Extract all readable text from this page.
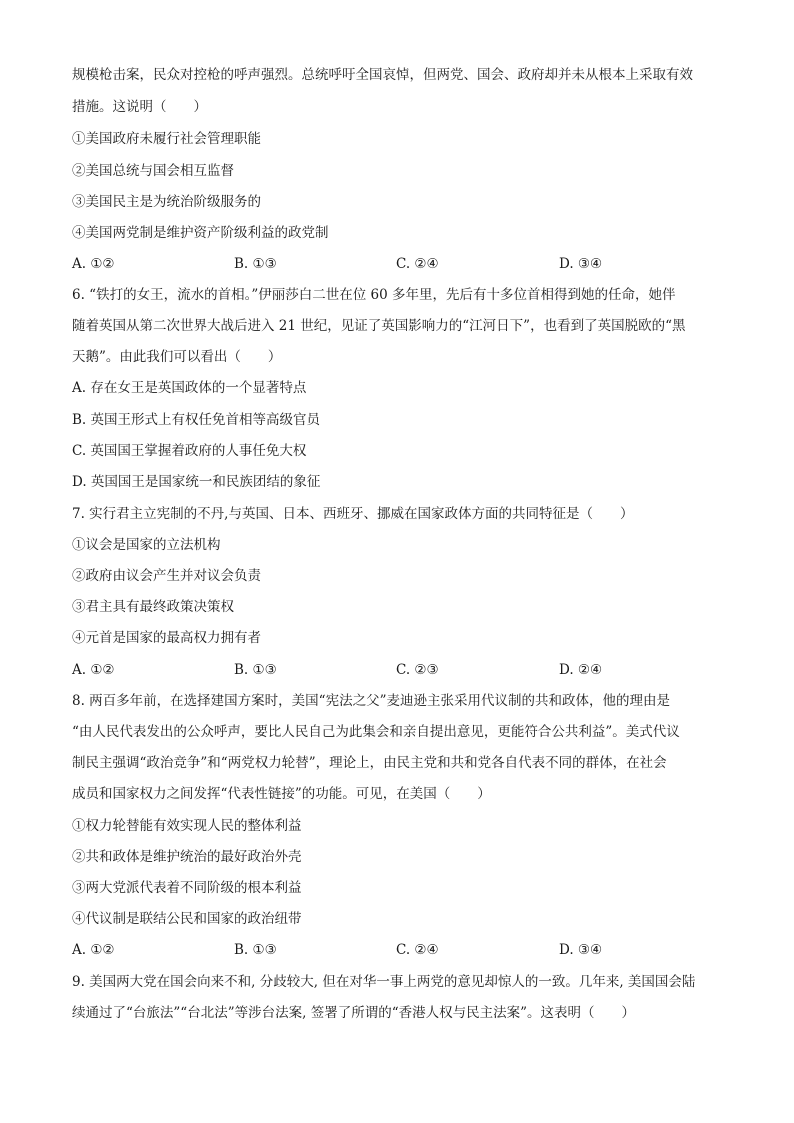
规模枪击案，民众对控枪的呼声强烈。总统呼吁全国哀悼，但两党、国会、政府却并未从根本上采取有效
措施。这说明（　　）
①美国政府未履行社会管理职能
②美国总统与国会相互监督
③美国民主是为统治阶级服务的
④美国两党制是维护资产阶级利益的政党制
A. ①②	B. ①③	C. ②④	D. ③④
6. “铁打的女王，流水的首相。”伊丽莎白二世在位 60 多年里，先后有十多位首相得到她的任命，她伴
随着英国从第二次世界大战后进入 21 世纪，见证了英国影响力的“江河日下”，也看到了英国脱欧的“黑
天鹅”。由此我们可以看出（　　）
A. 存在女王是英国政体的一个显著特点
B. 英国王形式上有权任免首相等高级官员
C. 英国国王掌握着政府的人事任免大权
D. 英国国王是国家统一和民族团结的象征
7. 实行君主立宪制的不丹,与英国、日本、西班牙、挪威在国家政体方面的共同特征是（　　）
①议会是国家的立法机构
②政府由议会产生并对议会负责
③君主具有最终政策决策权
④元首是国家的最高权力拥有者
A. ①②	B. ①③	C. ②③	D. ②④
8. 两百多年前，在选择建国方案时，美国“宪法之父”麦迪逊主张采用代议制的共和政体，他的理由是
“由人民代表发出的公众呼声，要比人民自己为此集会和亲自提出意见，更能符合公共利益”。美式代议
制民主强调“政治竞争”和“两党权力轮替”，理论上，由民主党和共和党各自代表不同的群体，在社会
成员和国家权力之间发挥“代表性链接”的功能。可见，在美国（　　）
①权力轮替能有效实现人民的整体利益
②共和政体是维护统治的最好政治外壳
③两大党派代表着不同阶级的根本利益
④代议制是联结公民和国家的政治纽带
A. ①②	B. ①③	C. ②④	D. ③④
9. 美国两大党在国会向来不和, 分歧较大, 但在对华一事上两党的意见却惊人的一致。几年来, 美国国会陆
续通过了“台旅法”“台北法”等涉台法案, 签署了所谓的“香港人权与民主法案”。这表明（　　）
